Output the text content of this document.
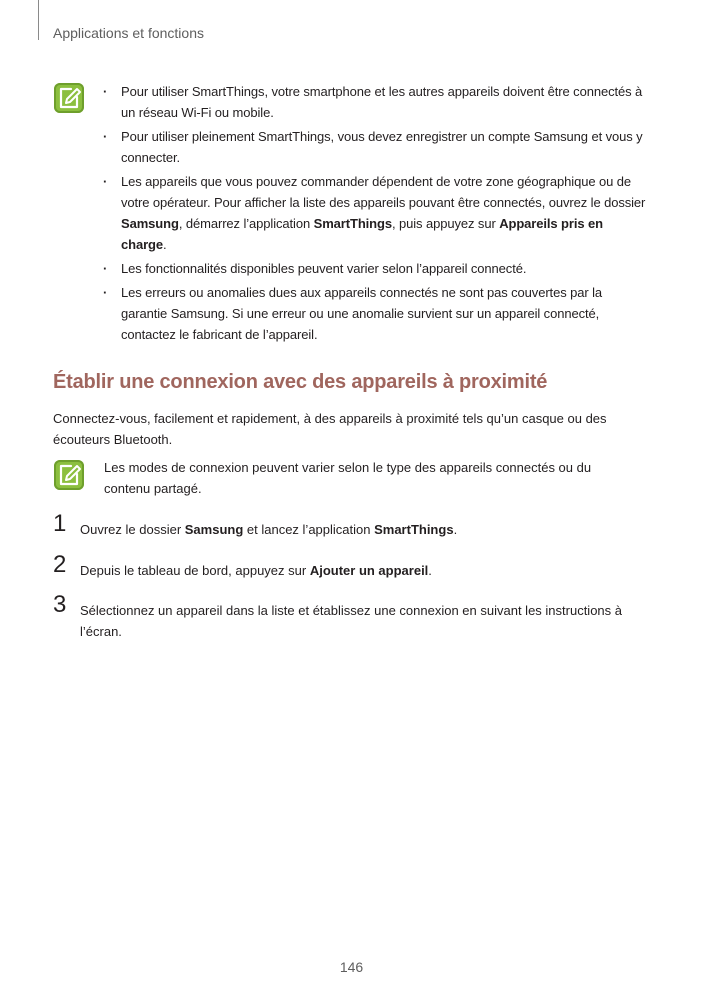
Applications et fonctions
· Pour utiliser SmartThings, votre smartphone et les autres appareils doivent être connectés à un réseau Wi-Fi ou mobile.
· Pour utiliser pleinement SmartThings, vous devez enregistrer un compte Samsung et vous y connecter.
· Les appareils que vous pouvez commander dépendent de votre zone géographique ou de votre opérateur. Pour afficher la liste des appareils pouvant être connectés, ouvrez le dossier Samsung, démarrez l’application SmartThings, puis appuyez sur Appareils pris en charge.
· Les fonctionnalités disponibles peuvent varier selon l’appareil connecté.
· Les erreurs ou anomalies dues aux appareils connectés ne sont pas couvertes par la garantie Samsung. Si une erreur ou une anomalie survient sur un appareil connecté, contactez le fabricant de l’appareil.
Établir une connexion avec des appareils à proximité
Connectez-vous, facilement et rapidement, à des appareils à proximité tels qu’un casque ou des écouteurs Bluetooth.
Les modes de connexion peuvent varier selon le type des appareils connectés ou du contenu partagé.
1 Ouvrez le dossier Samsung et lancez l’application SmartThings.
2 Depuis le tableau de bord, appuyez sur Ajouter un appareil.
3 Sélectionnez un appareil dans la liste et établissez une connexion en suivant les instructions à l’écran.
146
